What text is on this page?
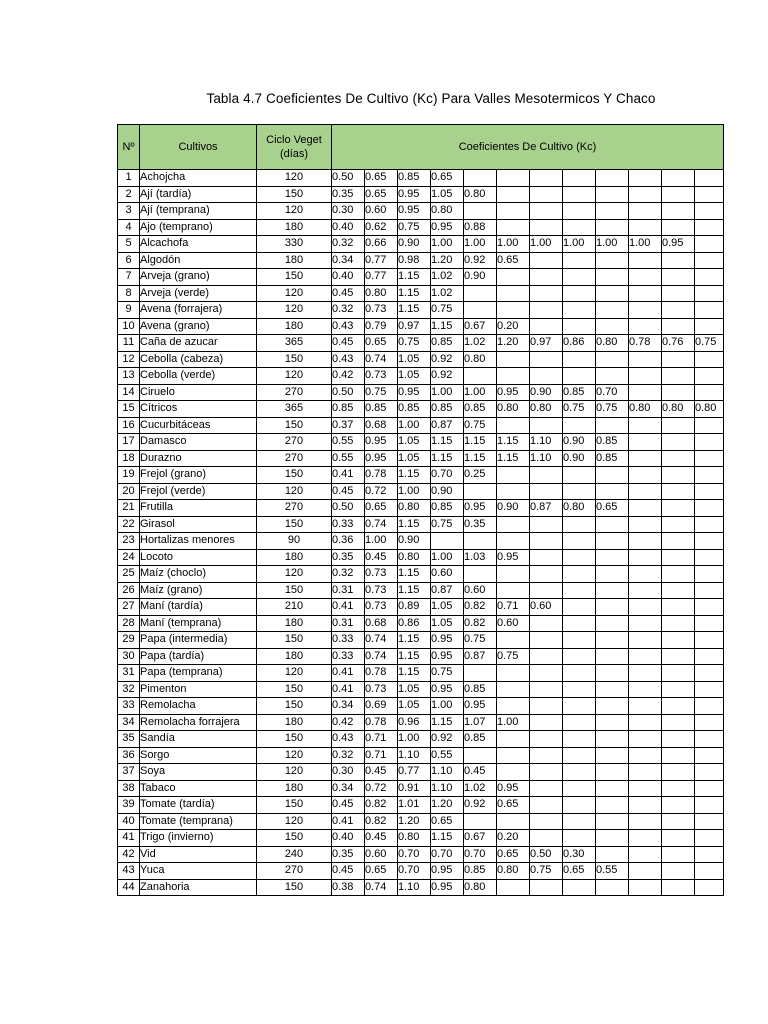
Tabla 4.7 Coeficientes De Cultivo (Kc) Para Valles Mesotermicos Y Chaco
Nº	Cultivos	Ciclo Veget (días)	Coeficientes De Cultivo (Kc)											
1	Achojcha	120	0.50	0.65	0.85	0.65								
2	Ají (tardía)	150	0.35	0.65	0.95	1.05	0.80							
3	Ají (temprana)	120	0.30	0.60	0.95	0.80								
4	Ajo (temprano)	180	0.40	0.62	0.75	0.95	0.88							
5	Alcachofa	330	0.32	0.66	0.90	1.00	1.00	1.00	1.00	1.00	1.00	1.00	0.95	
6	Algodón	180	0.34	0.77	0.98	1.20	0.92	0.65						
7	Arveja (grano)	150	0.40	0.77	1.15	1.02	0.90							
8	Arveja (verde)	120	0.45	0.80	1.15	1.02								
9	Avena (forrajera)	120	0.32	0.73	1.15	0.75								
10	Avena (grano)	180	0.43	0.79	0.97	1.15	0.67	0.20						
11	Caña de azucar	365	0.45	0.65	0.75	0.85	1.02	1.20	0.97	0.86	0.80	0.78	0.76	0.75
12	Cebolla (cabeza)	150	0.43	0.74	1.05	0.92	0.80							
13	Cebolla (verde)	120	0.42	0.73	1.05	0.92								
14	Ciruelo	270	0.50	0.75	0.95	1.00	1.00	0.95	0.90	0.85	0.70			
15	Cítricos	365	0.85	0.85	0.85	0.85	0.85	0.80	0.80	0.75	0.75	0.80	0.80	0.80
16	Cucurbitáceas	150	0.37	0.68	1.00	0.87	0.75							
17	Damasco	270	0.55	0.95	1.05	1.15	1.15	1.15	1.10	0.90	0.85			
18	Durazno	270	0.55	0.95	1.05	1.15	1.15	1.15	1.10	0.90	0.85			
19	Frejol (grano)	150	0.41	0.78	1.15	0.70	0.25							
20	Frejol (verde)	120	0.45	0.72	1.00	0.90								
21	Frutilla	270	0.50	0.65	0.80	0.85	0.95	0.90	0.87	0.80	0.65			
22	Girasol	150	0.33	0.74	1.15	0.75	0.35							
23	Hortalizas menores	90	0.36	1.00	0.90									
24	Locoto	180	0.35	0.45	0.80	1.00	1.03	0.95						
25	Maíz (choclo)	120	0.32	0.73	1.15	0.60								
26	Maíz (grano)	150	0.31	0.73	1.15	0.87	0.60							
27	Maní (tardía)	210	0.41	0.73	0.89	1.05	0.82	0.71	0.60					
28	Maní (temprana)	180	0.31	0.68	0.86	1.05	0.82	0.60						
29	Papa (intermedia)	150	0.33	0.74	1.15	0.95	0.75							
30	Papa (tardía)	180	0.33	0.74	1.15	0.95	0.87	0.75						
31	Papa (temprana)	120	0.41	0.78	1.15	0.75								
32	Pimenton	150	0.41	0.73	1.05	0.95	0.85							
33	Remolacha	150	0.34	0.69	1.05	1.00	0.95							
34	Remolacha forrajera	180	0.42	0.78	0.96	1.15	1.07	1.00						
35	Sandía	150	0.43	0.71	1.00	0.92	0.85							
36	Sorgo	120	0.32	0.71	1.10	0.55								
37	Soya	120	0.30	0.45	0.77	1.10	0.45							
38	Tabaco	180	0.34	0.72	0.91	1.10	1.02	0.95						
39	Tomate (tardía)	150	0.45	0.82	1.01	1.20	0.92	0.65						
40	Tomate (temprana)	120	0.41	0.82	1.20	0.65								
41	Trigo (invierno)	150	0.40	0.45	0.80	1.15	0.67	0.20						
42	Vid	240	0.35	0.60	0.70	0.70	0.70	0.65	0.50	0.30				
43	Yuca	270	0.45	0.65	0.70	0.95	0.85	0.80	0.75	0.65	0.55			
44	Zanahoria	150	0.38	0.74	1.10	0.95	0.80							
